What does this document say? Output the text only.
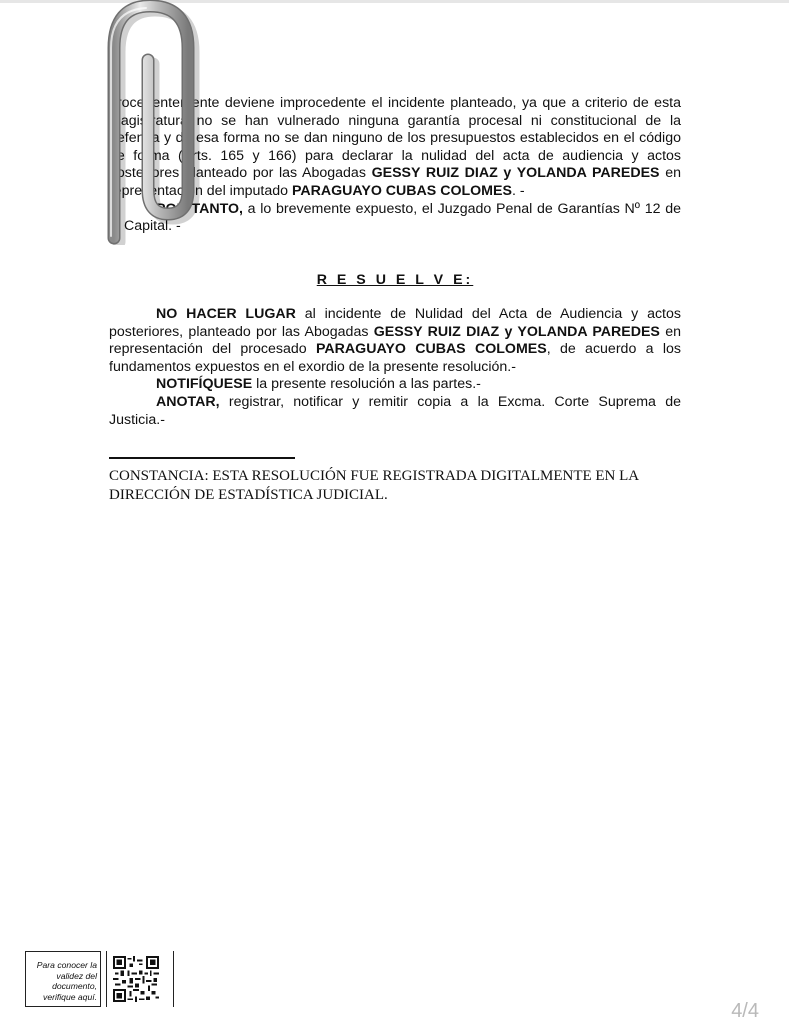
procedentemente deviene improcedente el incidente planteado, ya que a criterio de esta Magistratura no se han vulnerado ninguna garantía procesal ni constitucional de la defensa y de esa forma no se dan ninguno de los presupuestos establecidos en el código de forma (Arts. 165 y 166) para declarar la nulidad del acta de audiencia y actos posteriores planteado por las Abogadas GESSY RUIZ DIAZ y YOLANDA PAREDES en representación del imputado PARAGUAYO CUBAS COLOMES. -

POR TANTO, a lo brevemente expuesto, el Juzgado Penal de Garantías Nº 12 de la Capital. -

R E S U E L V E:

NO HACER LUGAR al incidente de Nulidad del Acta de Audiencia y actos posteriores, planteado por las Abogadas GESSY RUIZ DIAZ y YOLANDA PAREDES en representación del procesado PARAGUAYO CUBAS COLOMES, de acuerdo a los fundamentos expuestos en el exordio de la presente resolución.-

NOTIFÍQUESE la presente resolución a las partes.-

ANOTAR, registrar, notificar y remitir copia a la Excma. Corte Suprema de Justicia.-

CONSTANCIA: ESTA RESOLUCIÓN FUE REGISTRADA DIGITALMENTE EN LA DIRECCIÓN DE ESTADÍSTICA JUDICIAL.
Para conocer la validez del documento, verifique aquí.
4/4
